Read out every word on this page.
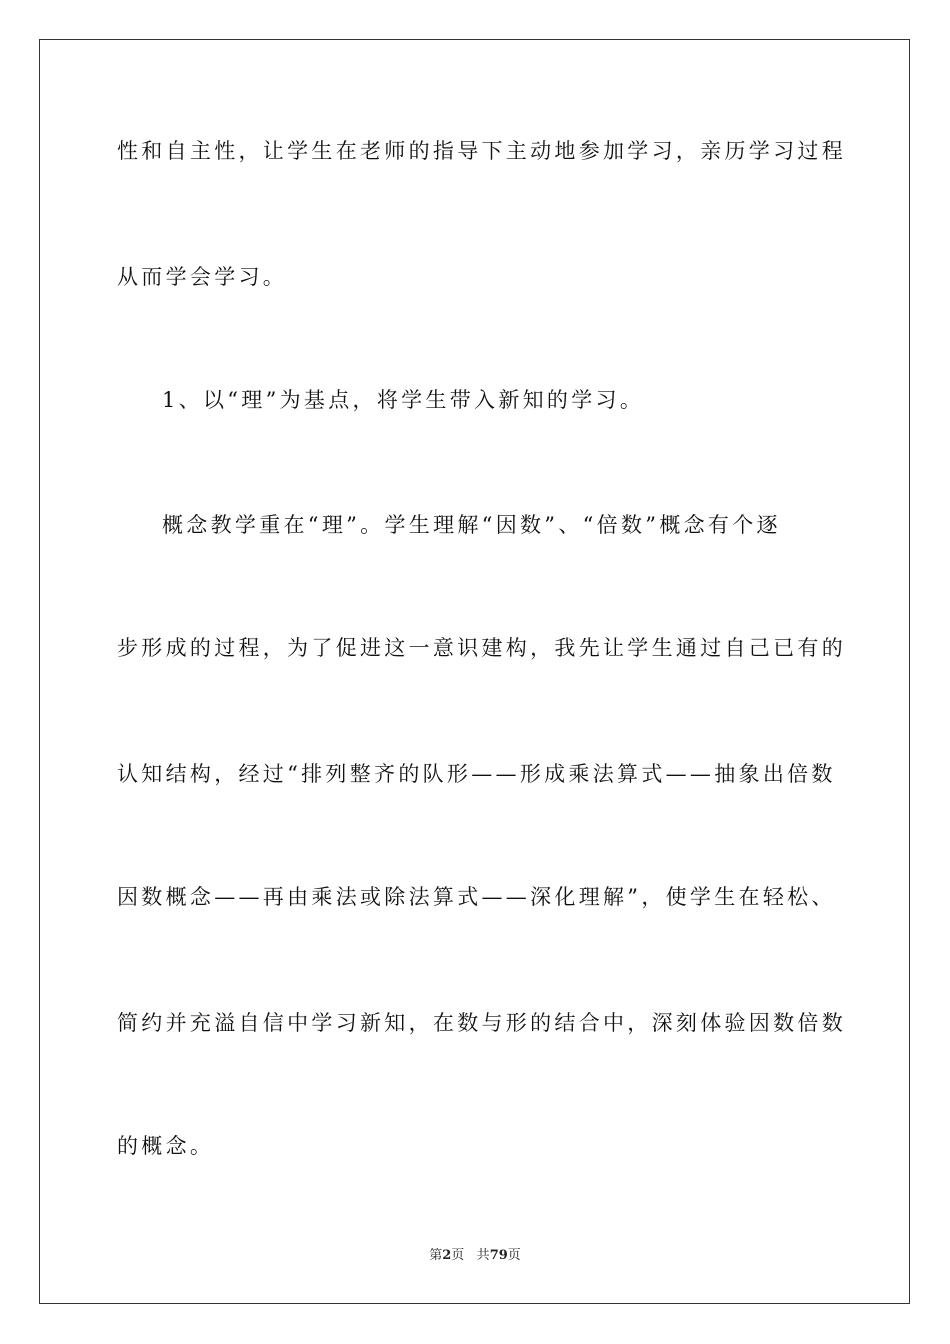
性和自主性，让学生在老师的指导下主动地参加学习，亲历学习过程
从而学会学习。
1、以“理”为基点，将学生带入新知的学习。
概念教学重在“理”。学生理解“因数”、“倍数”概念有个逐
步形成的过程，为了促进这一意识建构，我先让学生通过自己已有的
认知结构，经过“排列整齐的队形——形成乘法算式——抽象出倍数
因数概念——再由乘法或除法算式——深化理解”，使学生在轻松、
简约并充溢自信中学习新知，在数与形的结合中，深刻体验因数倍数
的概念。
第2页 共79页
